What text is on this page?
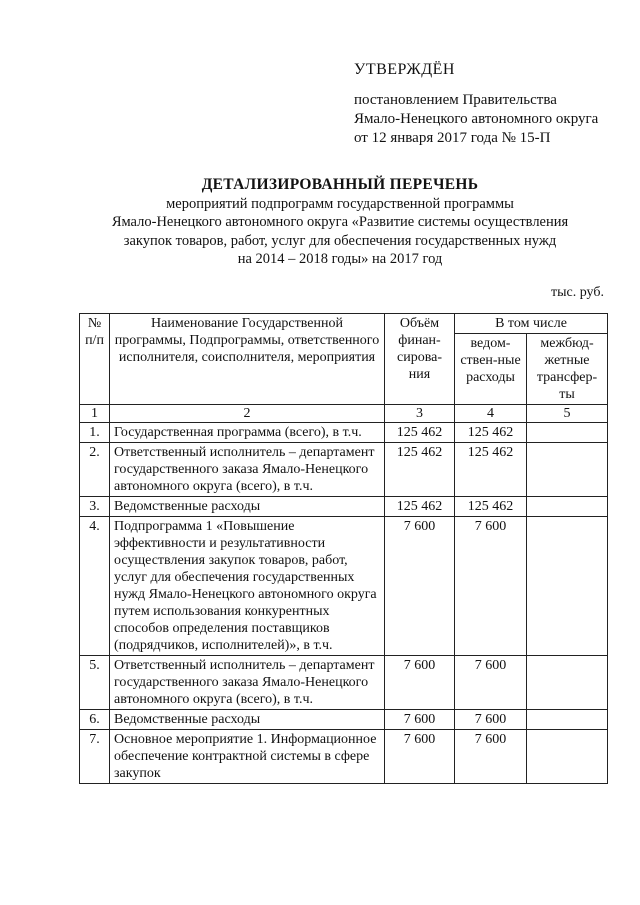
УТВЕРЖДЁН
постановлением Правительства
Ямало-Ненецкого автономного округа
от 12 января 2017 года № 15-П
ДЕТАЛИЗИРОВАННЫЙ ПЕРЕЧЕНЬ
мероприятий подпрограмм государственной программы
Ямало-Ненецкого автономного округа «Развитие системы осуществления
закупок товаров, работ, услуг для обеспечения государственных нужд
на 2014 – 2018 годы» на 2017 год
тыс. руб.
№ п/п	Наименование Государственной программы, Подпрограммы, ответственного исполнителя, соисполнителя, мероприятия	Объём финан-сирова-ния	В том числе	
			ведом-ствен-ные расходы	межбюд-жетные трансфер-ты
1	2	3	4	5
1.	Государственная программа (всего), в т.ч.	125 462	125 462	
2.	Ответственный исполнитель – департамент государственного заказа Ямало-Ненецкого автономного округа (всего), в т.ч.	125 462	125 462	
3.	Ведомственные расходы	125 462	125 462	
4.	Подпрограмма 1 «Повышение эффективности и результативности осуществления закупок товаров, работ, услуг для обеспечения государственных нужд Ямало-Ненецкого автономного округа путем использования конкурентных способов определения поставщиков (подрядчиков, исполнителей)», в т.ч.	7 600	7 600	
5.	Ответственный исполнитель – департамент государственного заказа Ямало-Ненецкого автономного округа (всего), в т.ч.	7 600	7 600	
6.	Ведомственные расходы	7 600	7 600	
7.	Основное мероприятие 1. Информационное обеспечение контрактной системы в сфере закупок	7 600	7 600	
